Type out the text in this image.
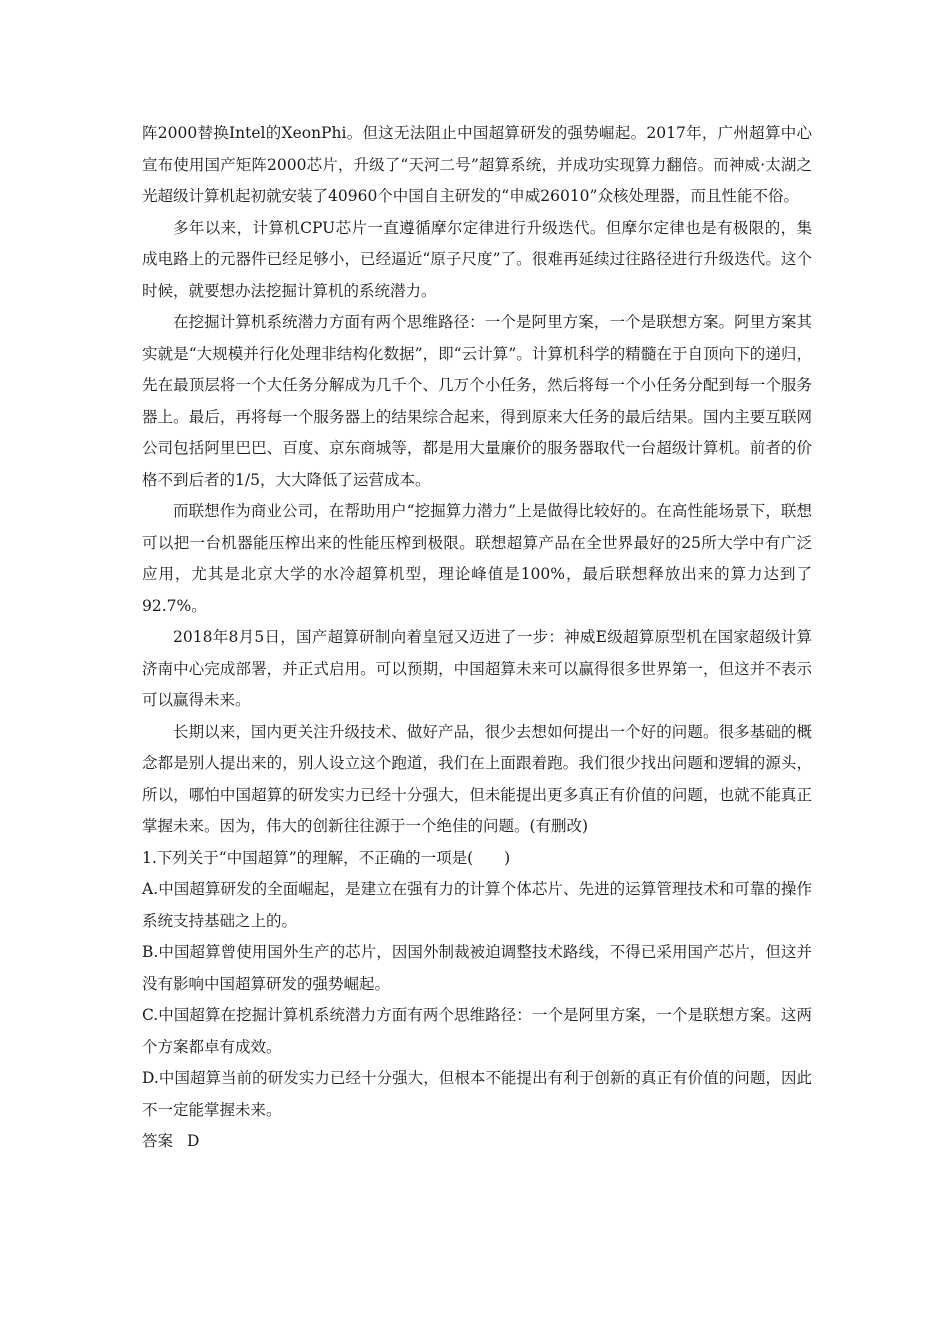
阵2000替换Intel的XeonPhi。但这无法阻止中国超算研发的强势崛起。2017年，广州超算中心宣布使用国产矩阵2000芯片，升级了“天河二号”超算系统，并成功实现算力翻倍。而神威·太湖之光超级计算机起初就安装了40960个中国自主研发的“申威26010”众核处理器，而且性能不俗。

多年以来，计算机CPU芯片一直遵循摩尔定律进行升级迭代。但摩尔定律也是有极限的，集成电路上的元器件已经足够小，已经逼近“原子尺度”了。很难再延续过往路径进行升级迭代。这个时候，就要想办法挖掘计算机的系统潜力。

在挖掘计算机系统潜力方面有两个思维路径：一个是阿里方案，一个是联想方案。阿里方案其实就是“大规模并行化处理非结构化数据”，即“云计算”。计算机科学的精髓在于自顶向下的递归，先在最顶层将一个大任务分解成为几千个、几万个小任务，然后将每一个小任务分配到每一个服务器上。最后，再将每一个服务器上的结果综合起来，得到原来大任务的最后结果。国内主要互联网公司包括阿里巴巴、百度、京东商城等，都是用大量廉价的服务器取代一台超级计算机。前者的价格不到后者的1/5，大大降低了运营成本。

而联想作为商业公司，在帮助用户“挖掘算力潜力”上是做得比较好的。在高性能场景下，联想可以把一台机器能压榨出来的性能压榨到极限。联想超算产品在全世界最好的25所大学中有广泛应用，尤其是北京大学的水冷超算机型，理论峰值是100%，最后联想释放出来的算力达到了92.7%。

2018年8月5日，国产超算研制向着皇冠又迈进了一步：神威E级超算原型机在国家超级计算济南中心完成部署，并正式启用。可以预期，中国超算未来可以赢得很多世界第一，但这并不表示可以赢得未来。

长期以来，国内更关注升级技术、做好产品，很少去想如何提出一个好的问题。很多基础的概念都是别人提出来的，别人设立这个跑道，我们在上面跟着跑。我们很少找出问题和逻辑的源头，所以，哪怕中国超算的研发实力已经十分强大，但未能提出更多真正有价值的问题，也就不能真正掌握未来。因为，伟大的创新往往源于一个绝佳的问题。(有删改)

1.下列关于“中国超算”的理解，不正确的一项是(　　)

A.中国超算研发的全面崛起，是建立在强有力的计算个体芯片、先进的运算管理技术和可靠的操作系统支持基础之上的。

B.中国超算曾使用国外生产的芯片，因国外制裁被迫调整技术路线，不得已采用国产芯片，但这并没有影响中国超算研发的强势崛起。

C.中国超算在挖掘计算机系统潜力方面有两个思维路径：一个是阿里方案，一个是联想方案。这两个方案都卓有成效。

D.中国超算当前的研发实力已经十分强大，但根本不能提出有利于创新的真正有价值的问题，因此不一定能掌握未来。

答案 D
